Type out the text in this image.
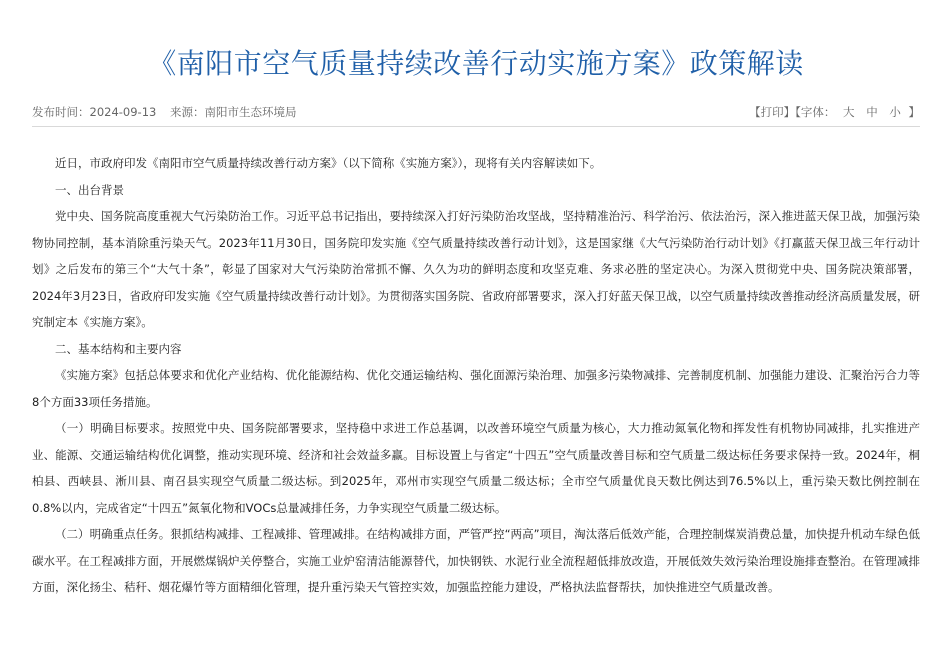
《南阳市空气质量持续改善行动实施方案》政策解读
发布时间：2024-09-13 来源：南阳市生态环境局	【打印】【字体： 大 中 小 】

近日，市政府印发《南阳市空气质量持续改善行动方案》（以下简称《实施方案》），现将有关内容解读如下。

一、出台背景

党中央、国务院高度重视大气污染防治工作。习近平总书记指出，要持续深入打好污染防治攻坚战，坚持精准治污、科学治污、依法治污，深入推进蓝天保卫战，加强污染物协同控制，基本消除重污染天气。2023年11月30日，国务院印发实施《空气质量持续改善行动计划》，这是国家继《大气污染防治行动计划》《打赢蓝天保卫战三年行动计划》之后发布的第三个“大气十条”，彰显了国家对大气污染防治常抓不懈、久久为功的鲜明态度和攻坚克难、务求必胜的坚定决心。为深入贯彻党中央、国务院决策部署，2024年3月23日，省政府印发实施《空气质量持续改善行动计划》。为贯彻落实国务院、省政府部署要求，深入打好蓝天保卫战，以空气质量持续改善推动经济高质量发展，研究制定本《实施方案》。

二、基本结构和主要内容

《实施方案》包括总体要求和优化产业结构、优化能源结构、优化交通运输结构、强化面源污染治理、加强多污染物减排、完善制度机制、加强能力建设、汇聚治污合力等8个方面33项任务措施。

（一）明确目标要求。按照党中央、国务院部署要求，坚持稳中求进工作总基调，以改善环境空气质量为核心，大力推动氮氧化物和挥发性有机物协同减排，扎实推进产业、能源、交通运输结构优化调整，推动实现环境、经济和社会效益多赢。目标设置上与省定“十四五”空气质量改善目标和空气质量二级达标任务要求保持一致。2024年，桐柏县、西峡县、淅川县、南召县实现空气质量二级达标。到2025年，邓州市实现空气质量二级达标；全市空气质量优良天数比例达到76.5%以上，重污染天数比例控制在0.8%以内，完成省定“十四五”氮氧化物和VOCs总量减排任务，力争实现空气质量二级达标。

（二）明确重点任务。狠抓结构减排、工程减排、管理减排。在结构减排方面，严管严控“两高”项目，淘汰落后低效产能，合理控制煤炭消费总量，加快提升机动车绿色低碳水平。在工程减排方面，开展燃煤锅炉关停整合，实施工业炉窑清洁能源替代，加快钢铁、水泥行业全流程超低排放改造，开展低效失效污染治理设施排查整治。在管理减排方面，深化扬尘、秸秆、烟花爆竹等方面精细化管理，提升重污染天气管控实效，加强监控能力建设，严格执法监督帮扶，加快推进空气质量改善。
